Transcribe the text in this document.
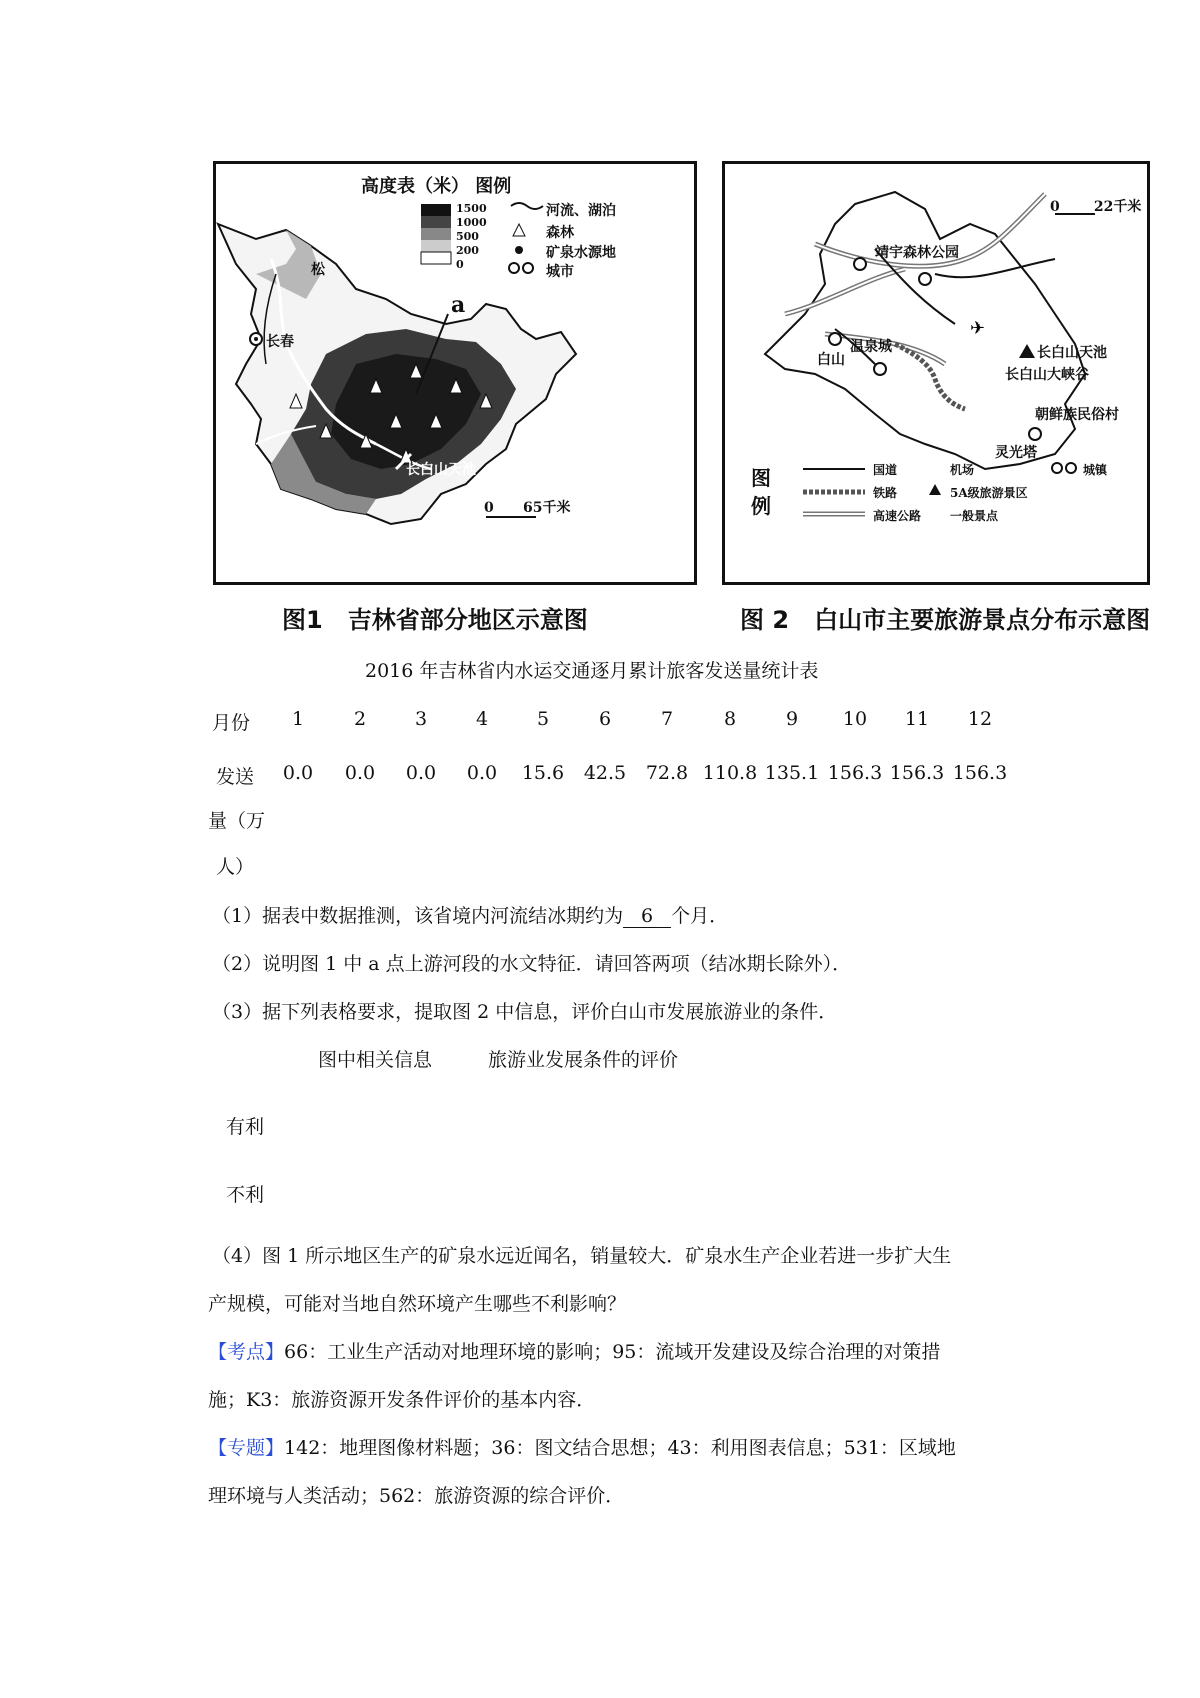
高度表（米） 图例
1500
1000
500
200
0
河流、湖泊
森林
矿泉水源地
城市
a
松
长春
长白山天池
0      65千米
图1   吉林省部分地区示意图
✈
0       22千米
靖宇森林公园
白山
温泉城	长白山天池
长白山大峡谷
朝鲜族民俗村
灵光塔
图例
国道	机场	城镇
铁路	5A级旅游景区
高速公路 一般景点
图 2   白山市主要旅游景点分布示意图
2016 年吉林省内水运交通逐月累计旅客发送量统计表
月份	1	2	3	4	5	6	7	8	9	10	11	12
发送	0.0	0.0	0.0	0.0	15.6	42.5	72.8 110.8 135.1 156.3 156.3 156.3
量（万
人）
（1）据表中数据推测，该省境内河流结冰期约为 6 个月．
（2）说明图 1 中 a 点上游河段的水文特征．请回答两项（结冰期长除外）．
（3）据下列表格要求，提取图 2 中信息，评价白山市发展旅游业的条件．
图中相关信息	旅游业发展条件的评价
有利
不利
（4）图 1 所示地区生产的矿泉水远近闻名，销量较大．矿泉水生产企业若进一步扩大生
产规模，可能对当地自然环境产生哪些不利影响？
【考点】66：工业生产活动对地理环境的影响；95：流域开发建设及综合治理的对策措
施；K3：旅游资源开发条件评价的基本内容．
【专题】142：地理图像材料题；36：图文结合思想；43：利用图表信息；531：区域地
理环境与人类活动；562：旅游资源的综合评价．
